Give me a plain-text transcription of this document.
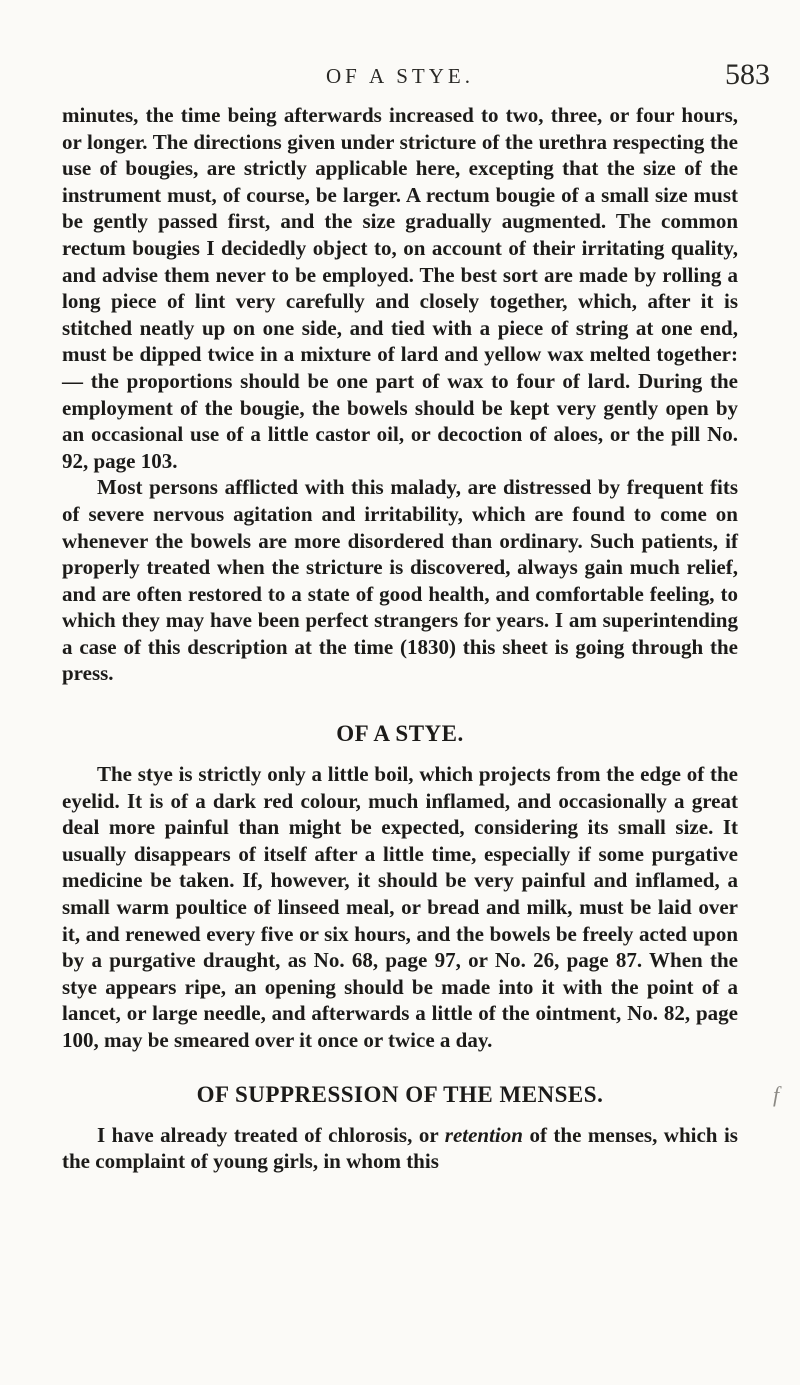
OF A STYE.	583

minutes, the time being afterwards increased to two, three, or four hours, or longer. The directions given under stricture of the urethra respecting the use of bougies, are strictly applicable here, excepting that the size of the instrument must, of course, be larger. A rectum bougie of a small size must be gently passed first, and the size gradually augmented. The common rectum bougies I decidedly object to, on account of their irritating quality, and advise them never to be employed. The best sort are made by rolling a long piece of lint very carefully and closely together, which, after it is stitched neatly up on one side, and tied with a piece of string at one end, must be dipped twice in a mixture of lard and yellow wax melted together:— the proportions should be one part of wax to four of lard. During the employment of the bougie, the bowels should be kept very gently open by an occasional use of a little castor oil, or decoction of aloes, or the pill No. 92, page 103.

Most persons afflicted with this malady, are distressed by frequent fits of severe nervous agitation and irritability, which are found to come on whenever the bowels are more disordered than ordinary. Such patients, if properly treated when the stricture is discovered, always gain much relief, and are often restored to a state of good health, and comfortable feeling, to which they may have been perfect strangers for years. I am superintending a case of this description at the time (1830) this sheet is going through the press.

OF A STYE.

The stye is strictly only a little boil, which projects from the edge of the eyelid. It is of a dark red colour, much inflamed, and occasionally a great deal more painful than might be expected, considering its small size. It usually disappears of itself after a little time, especially if some purgative medicine be taken. If, however, it should be very painful and inflamed, a small warm poultice of linseed meal, or bread and milk, must be laid over it, and renewed every five or six hours, and the bowels be freely acted upon by a purgative draught, as No. 68, page 97, or No. 26, page 87. When the stye appears ripe, an opening should be made into it with the point of a lancet, or large needle, and afterwards a little of the ointment, No. 82, page 100, may be smeared over it once or twice a day.

OF SUPPRESSION OF THE MENSES.

I have already treated of chlorosis, or retention of the menses, which is the complaint of young girls, in whom this

f
